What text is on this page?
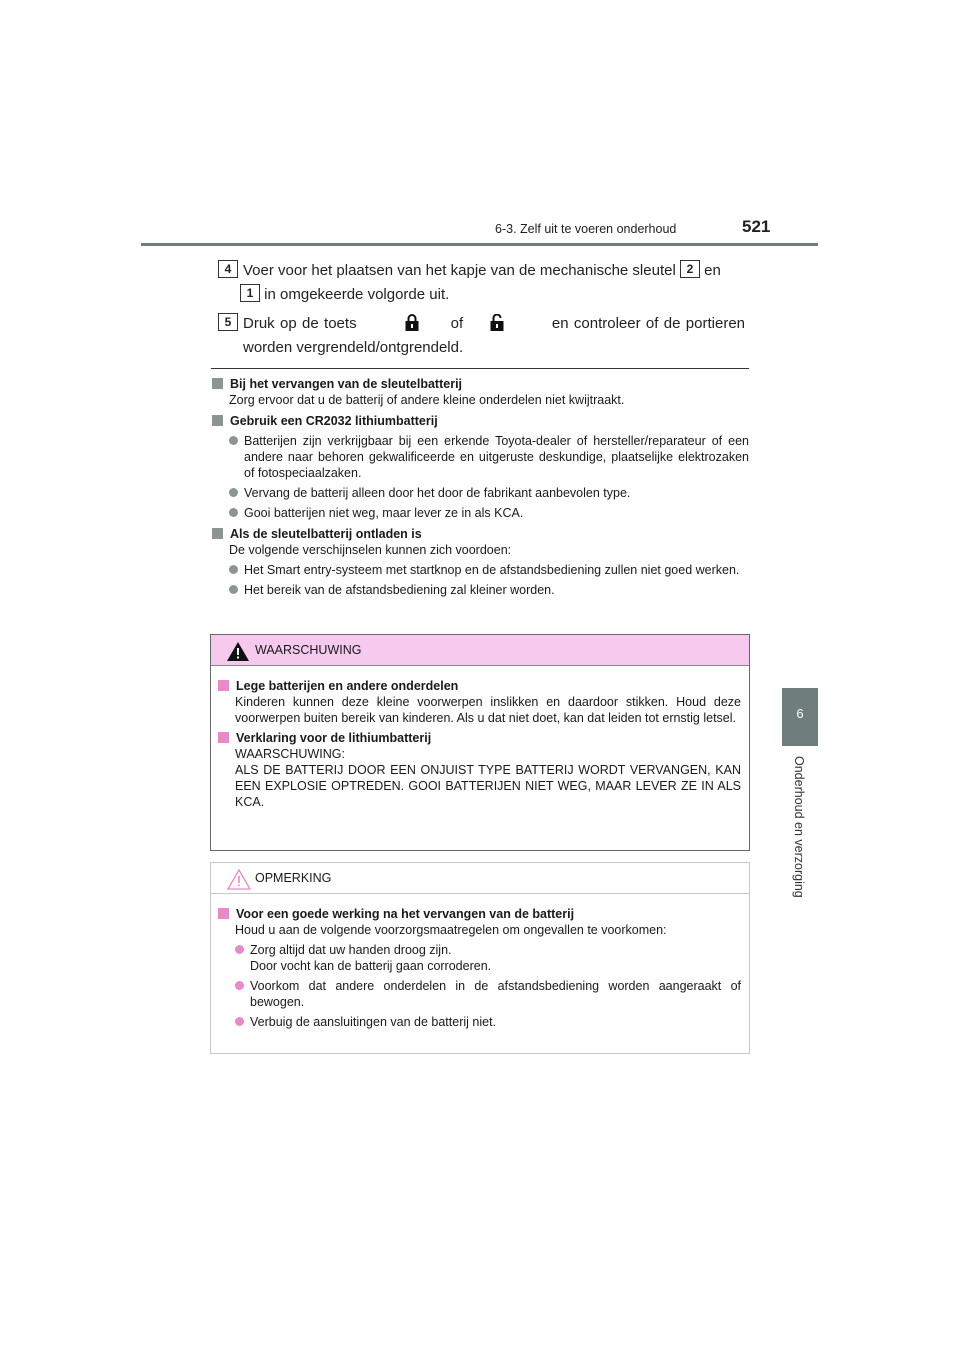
6-3. Zelf uit te voeren onderhoud	521
6
Onderhoud en verzorging
4 Voer voor het plaatsen van het kapje van de mechanische sleutel 2 en
1 in omgekeerde volgorde uit.
5 Druk op de toets	of	en controleer of de portieren worden vergrendeld/ontgrendeld.
Bij het vervangen van de sleutelbatterij
Zorg ervoor dat u de batterij of andere kleine onderdelen niet kwijtraakt.
Gebruik een CR2032 lithiumbatterij
Batterijen zijn verkrijgbaar bij een erkende Toyota-dealer of hersteller/reparateur of een andere naar behoren gekwalificeerde en uitgeruste deskundige, plaatselijke elektrozaken of fotospeciaalzaken.
Vervang de batterij alleen door het door de fabrikant aanbevolen type.
Gooi batterijen niet weg, maar lever ze in als KCA.
Als de sleutelbatterij ontladen is
De volgende verschijnselen kunnen zich voordoen:
Het Smart entry-systeem met startknop en de afstandsbediening zullen niet goed werken.
Het bereik van de afstandsbediening zal kleiner worden.
WAARSCHUWING
Lege batterijen en andere onderdelen
Kinderen kunnen deze kleine voorwerpen inslikken en daardoor stikken. Houd deze voorwerpen buiten bereik van kinderen. Als u dat niet doet, kan dat leiden tot ernstig letsel.
Verklaring voor de lithiumbatterij
WAARSCHUWING:
ALS DE BATTERIJ DOOR EEN ONJUIST TYPE BATTERIJ WORDT VERVANGEN, KAN EEN EXPLOSIE OPTREDEN. GOOI BATTERIJEN NIET WEG, MAAR LEVER ZE IN ALS KCA.
OPMERKING
Voor een goede werking na het vervangen van de batterij
Houd u aan de volgende voorzorgsmaatregelen om ongevallen te voorkomen:
Zorg altijd dat uw handen droog zijn.
Door vocht kan de batterij gaan corroderen.
Voorkom dat andere onderdelen in de afstandsbediening worden aangeraakt of bewogen.
Verbuig de aansluitingen van de batterij niet.
